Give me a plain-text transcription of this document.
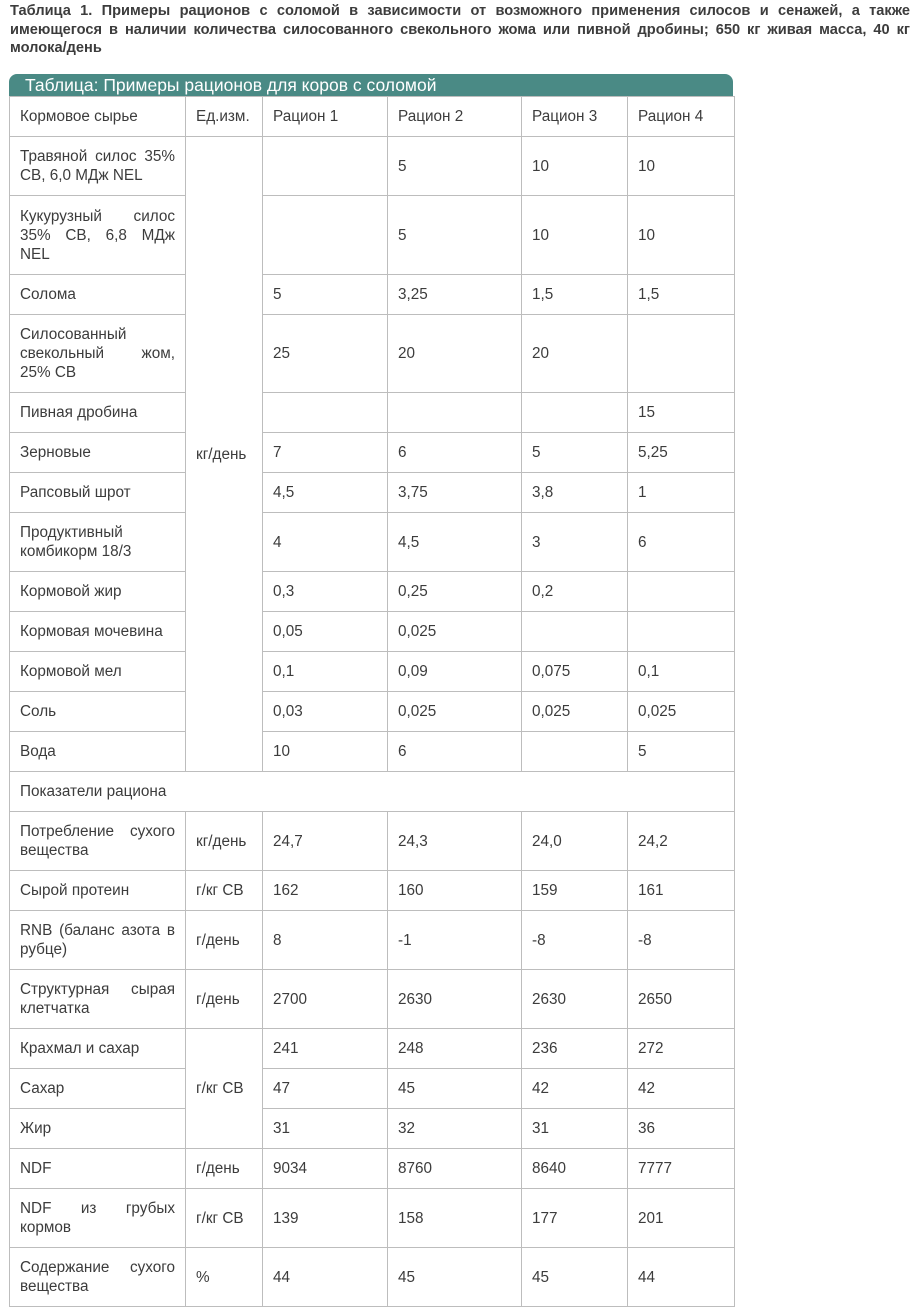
Таблица 1. Примеры рационов с соломой в зависимости от возможного применения силосов и сенажей, а также имеющегося в наличии количества силосованного свекольного жома или пивной дробины; 650 кг живая масса, 40 кг молока/день
Таблица: Примеры рационов для коров с соломой
Кормовое сырье	Ед.изм.	Рацион 1	Рацион 2	Рацион 3	Рацион 4
Травяной силос 35% СВ, 6,0 МДж NEL	кг/день		5	10	10
Кукурузный силос 35% СВ, 6,8 МДж NEL			5	10	10
Солома		5	3,25	1,5	1,5
Силосованный свекольный жом, 25% СВ		25	20	20	
Пивная дробина					15
Зерновые		7	6	5	5,25
Рапсовый шрот		4,5	3,75	3,8	1
Продуктивный комбикорм 18/3		4	4,5	3	6
Кормовой жир		0,3	0,25	0,2	
Кормовая мочевина		0,05	0,025		
Кормовой мел		0,1	0,09	0,075	0,1
Соль		0,03	0,025	0,025	0,025
Вода		10	6		5
Показатели рациона					
Потребление сухого вещества	кг/день	24,7	24,3	24,0	24,2
Сырой протеин	г/кг СВ	162	160	159	161
RNB (баланс азота в рубце)	г/день	8	-1	-8	-8
Структурная сырая клетчатка	г/день	2700	2630	2630	2650
Крахмал и сахар	г/кг СВ	241	248	236	272
Сахар		47	45	42	42
Жир		31	32	31	36
NDF	г/день	9034	8760	8640	7777
NDF из грубых кормов	г/кг СВ	139	158	177	201
Содержание сухого вещества	%	44	45	45	44
